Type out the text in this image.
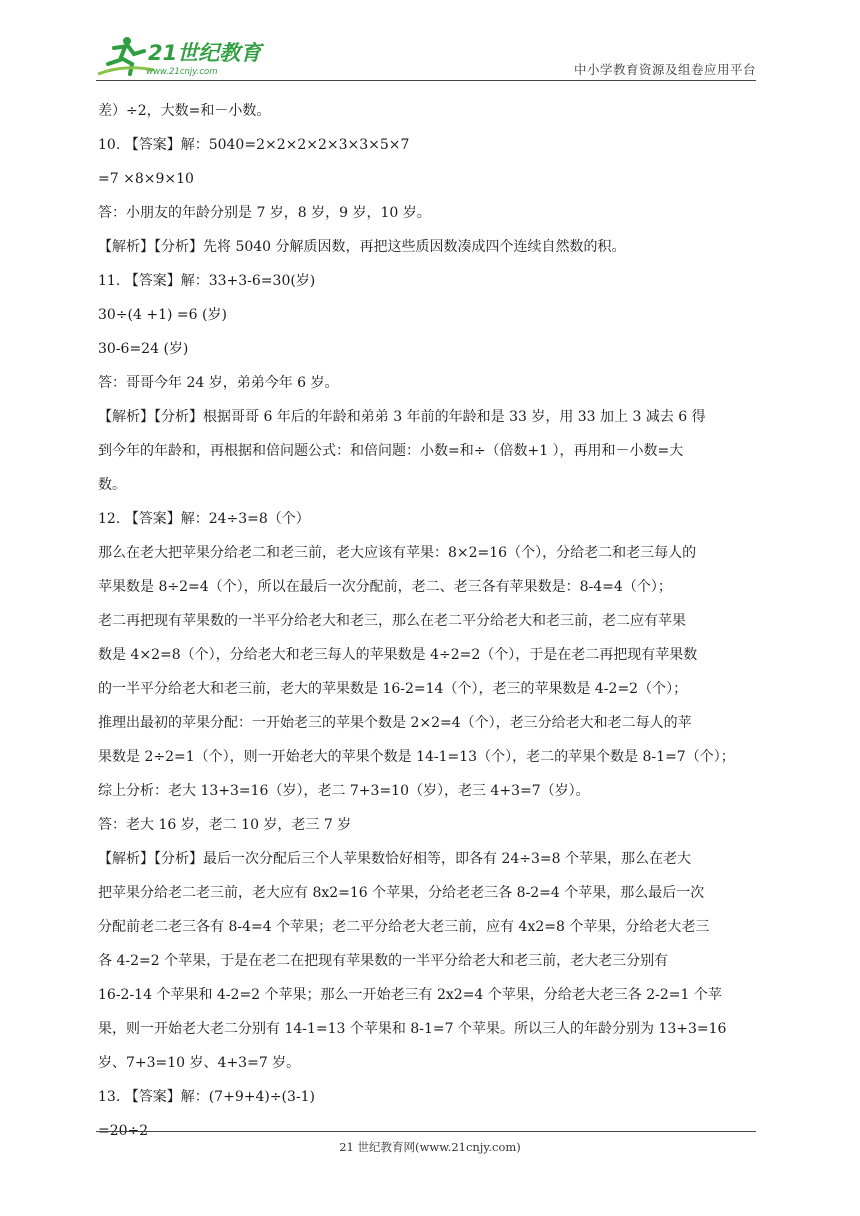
21世纪教育
www.21cnjy.com	中小学教育资源及组卷应用平台
差）÷2，大数=和－小数。
10. 【答案】解：5040=2×2×2×2×3×3×5×7
=7 ×8×9×10
答：小朋友的年龄分别是 7 岁，8 岁，9 岁，10 岁。
【解析】【分析】先将 5040 分解质因数，再把这些质因数凑成四个连续自然数的积。
11. 【答案】解：33+3-6=30(岁)
30÷(4 +1) =6 (岁)
30-6=24 (岁)
答：哥哥今年 24 岁，弟弟今年 6 岁。
【解析】【分析】根据哥哥 6 年后的年龄和弟弟 3 年前的年龄和是 33 岁，用 33 加上 3 减去 6 得
到今年的年龄和，再根据和倍问题公式：和倍问题：小数=和÷（倍数+1 ），再用和－小数=大
数。
12. 【答案】解：24÷3=8（个）
那么在老大把苹果分给老二和老三前，老大应该有苹果：8×2=16（个），分给老二和老三每人的
苹果数是 8÷2=4（个），所以在最后一次分配前，老二、老三各有苹果数是：8-4=4（个）；
老二再把现有苹果数的一半平分给老大和老三，那么在老二平分给老大和老三前，老二应有苹果
数是 4×2=8（个），分给老大和老三每人的苹果数是 4÷2=2（个），于是在老二再把现有苹果数
的一半平分给老大和老三前，老大的苹果数是 16-2=14（个），老三的苹果数是 4-2=2（个）；
推理出最初的苹果分配：一开始老三的苹果个数是 2×2=4（个），老三分给老大和老二每人的苹
果数是 2÷2=1（个），则一开始老大的苹果个数是 14-1=13（个），老二的苹果个数是 8-1=7（个）；
综上分析：老大 13+3=16（岁），老二 7+3=10（岁），老三 4+3=7（岁）。
答：老大 16 岁，老二 10 岁，老三 7 岁
【解析】【分析】最后一次分配后三个人苹果数恰好相等，即各有 24÷3=8 个苹果，那么在老大
把苹果分给老二老三前，老大应有 8x2=16 个苹果，分给老老三各 8-2=4 个苹果，那么最后一次
分配前老二老三各有 8-4=4 个苹果；老二平分给老大老三前，应有 4x2=8 个苹果，分给老大老三
各 4-2=2 个苹果，于是在老二在把现有苹果数的一半平分给老大和老三前，老大老三分别有
16-2-14 个苹果和 4-2=2 个苹果；那么一开始老三有 2x2=4 个苹果，分给老大老三各 2-2=1 个苹
果，则一开始老大老二分别有 14-1=13 个苹果和 8-1=7 个苹果。所以三人的年龄分别为 13+3=16
岁、7+3=10 岁、4+3=7 岁。
13. 【答案】解：(7+9+4)÷(3-1)
=20÷2
21 世纪教育网(www.21cnjy.com)
